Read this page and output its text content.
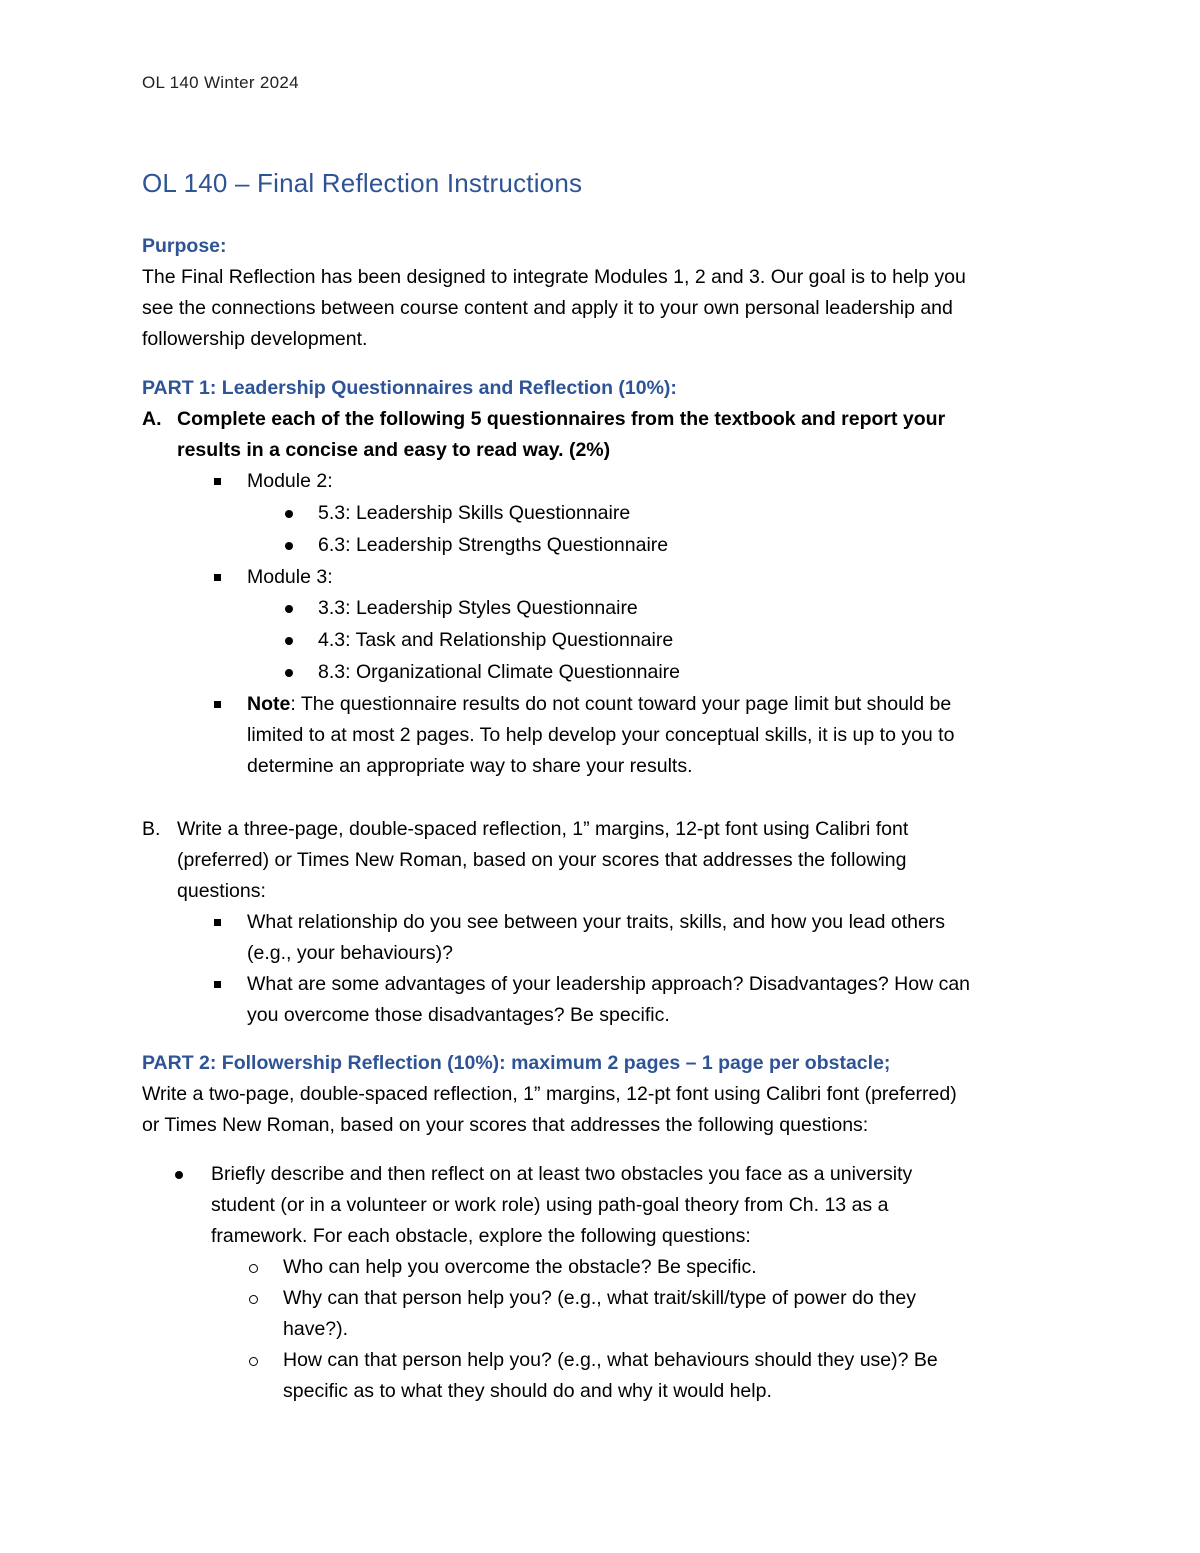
OL 140 Winter 2024
OL 140 – Final Reflection Instructions
Purpose:
The Final Reflection has been designed to integrate Modules 1, 2 and 3. Our goal is to help you
see the connections between course content and apply it to your own personal leadership and
followership development.
PART 1: Leadership Questionnaires and Reflection (10%):
A. Complete each of the following 5 questionnaires from the textbook and report your
results in a concise and easy to read way. (2%)
Module 2:
5.3: Leadership Skills Questionnaire
6.3: Leadership Strengths Questionnaire
Module 3:
3.3: Leadership Styles Questionnaire
4.3: Task and Relationship Questionnaire
8.3: Organizational Climate Questionnaire
Note: The questionnaire results do not count toward your page limit but should be
limited to at most 2 pages. To help develop your conceptual skills, it is up to you to
determine an appropriate way to share your results.
B. Write a three-page, double-spaced reflection, 1” margins, 12-pt font using Calibri font
(preferred) or Times New Roman, based on your scores that addresses the following
questions:
What relationship do you see between your traits, skills, and how you lead others
(e.g., your behaviours)?
What are some advantages of your leadership approach? Disadvantages? How can
you overcome those disadvantages? Be specific.
PART 2: Followership Reflection (10%): maximum 2 pages – 1 page per obstacle;
Write a two-page, double-spaced reflection, 1” margins, 12-pt font using Calibri font (preferred)
or Times New Roman, based on your scores that addresses the following questions:
Briefly describe and then reflect on at least two obstacles you face as a university
student (or in a volunteer or work role) using path-goal theory from Ch. 13 as a
framework. For each obstacle, explore the following questions:
Who can help you overcome the obstacle? Be specific.
Why can that person help you? (e.g., what trait/skill/type of power do they
have?).
How can that person help you? (e.g., what behaviours should they use)? Be
specific as to what they should do and why it would help.
